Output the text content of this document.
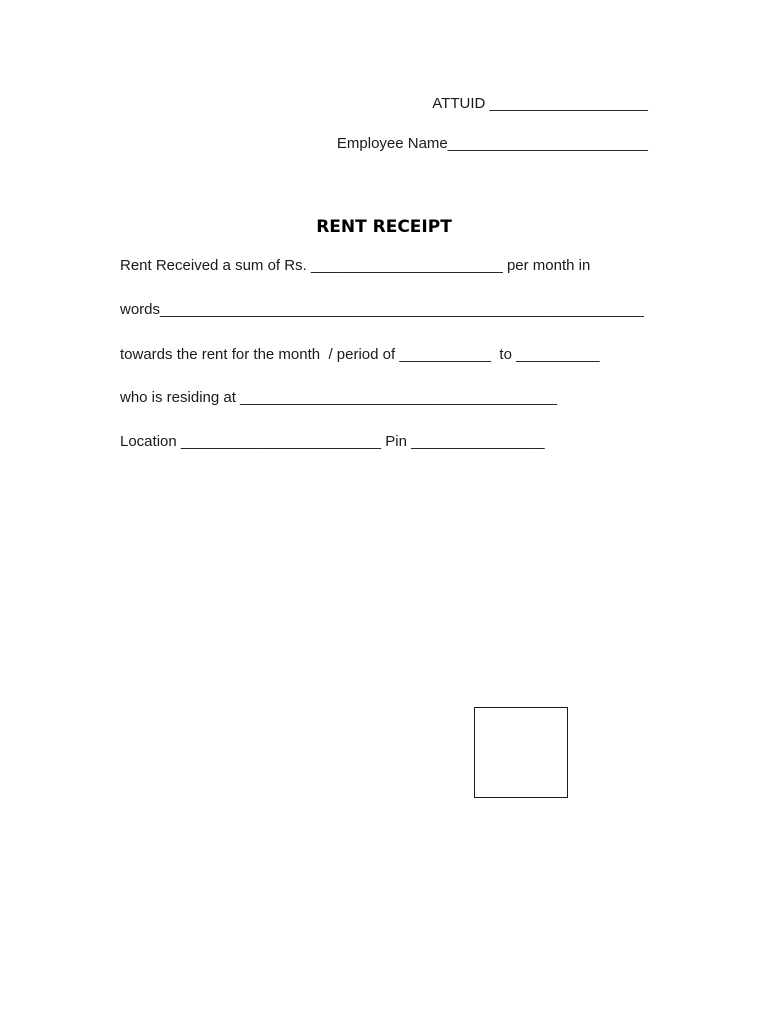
ATTUID ___________________
Employee Name________________________
RENT RECEIPT
Rent Received a sum of Rs. _______________________ per month in
words__________________________________________________________
towards the rent for the month  / period of ___________  to __________
who is residing at ______________________________________
Location ________________________ Pin ________________
